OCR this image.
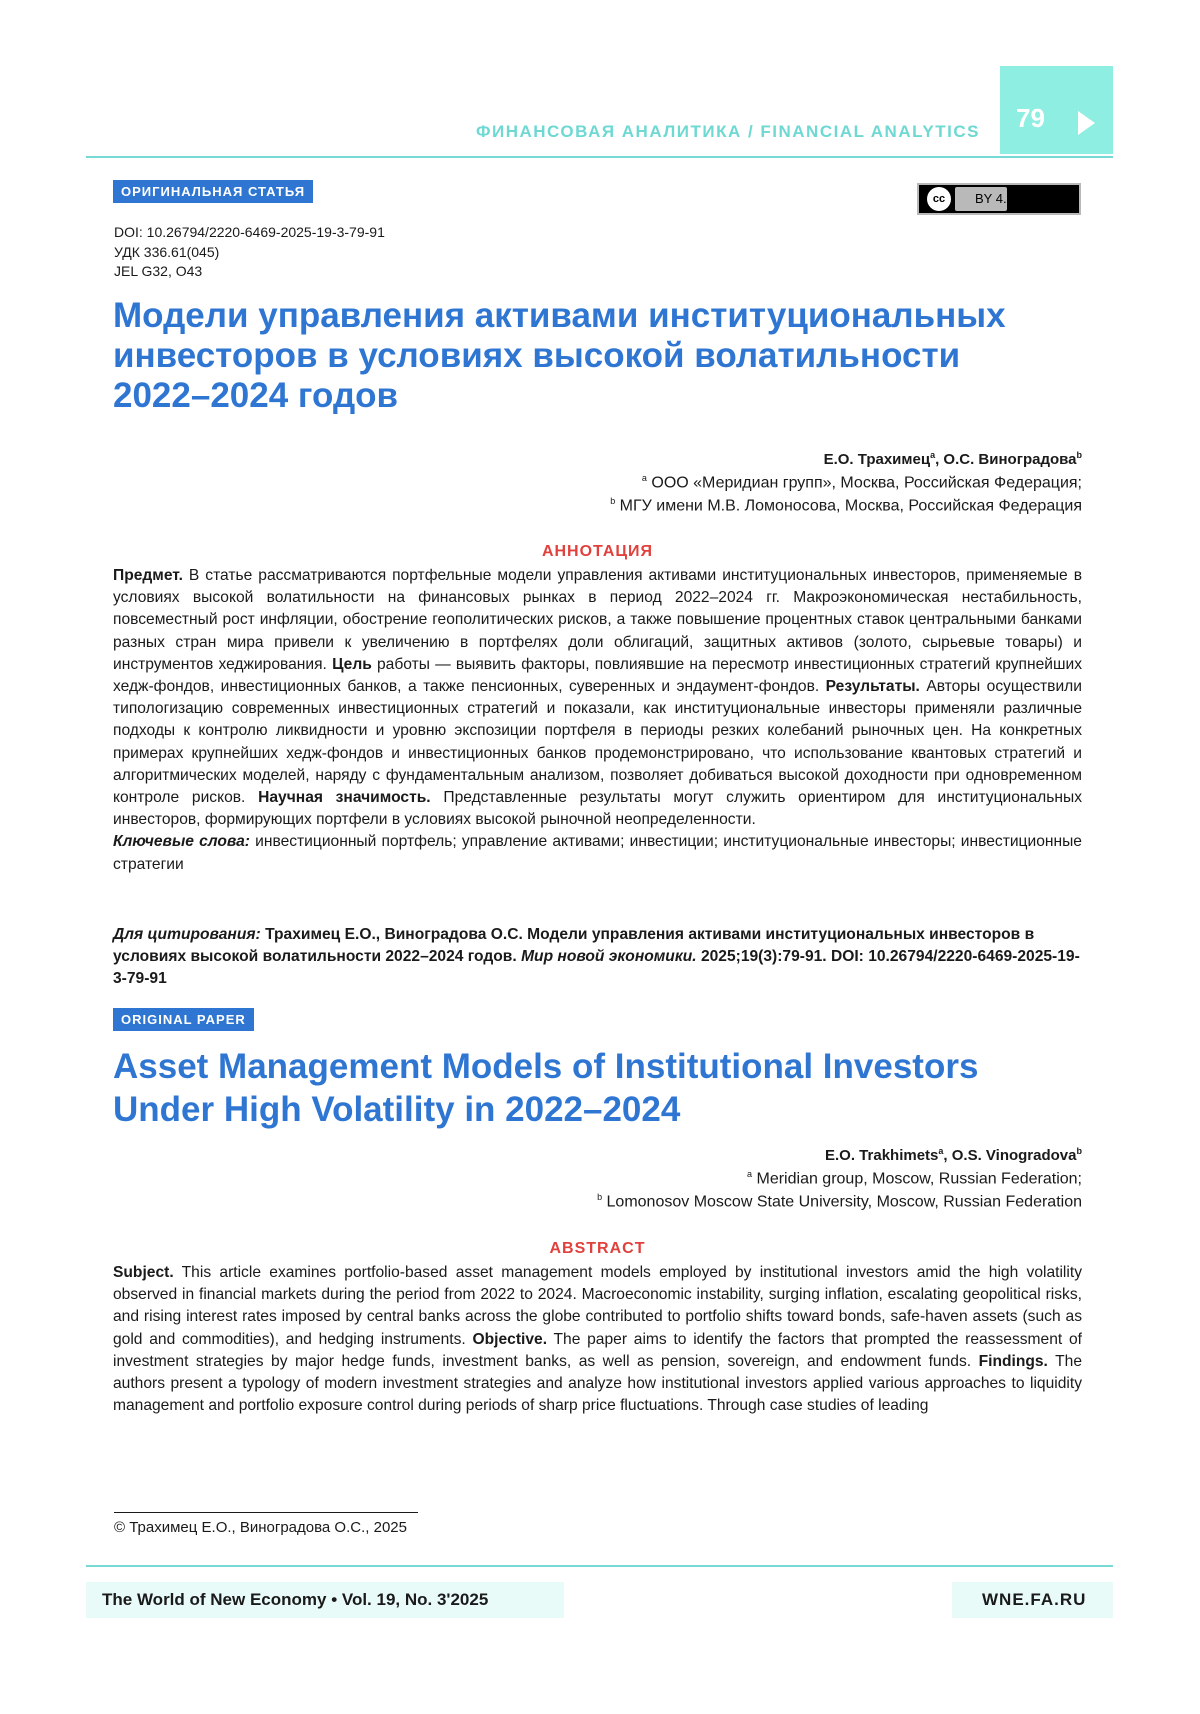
79
ФИНАНСОВАЯ АНАЛИТИКА / FINANCIAL ANALYTICS
ОРИГИНАЛЬНАЯ СТАТЬЯ	cc	BY 4.0
DOI: 10.26794/2220-6469-2025-19-3-79-91
УДК 336.61(045)
JEL G32, O43
Модели управления активами институциональных инвесторов в условиях высокой волатильности 2022–2024 годов
Е.О. Трахимецa, О.С. Виноградоваb
a ООО «Меридиан групп», Москва, Российская Федерация;
b МГУ имени М.В. Ломоносова, Москва, Российская Федерация
АННОТАЦИЯ
Предмет. В статье рассматриваются портфельные модели управления активами институциональных инвесторов, применяемые в условиях высокой волатильности на финансовых рынках в период 2022–2024 гг. Макроэкономическая нестабильность, повсеместный рост инфляции, обострение геополитических рисков, а также повышение процентных ставок центральными банками разных стран мира привели к увеличению в портфелях доли облигаций, защитных активов (золото, сырьевые товары) и инструментов хеджирования. Цель работы — выявить факторы, повлиявшие на пересмотр инвестиционных стратегий крупнейших хедж-фондов, инвестиционных банков, а также пенсионных, суверенных и эндаумент-фондов. Результаты. Авторы осуществили типологизацию современных инвестиционных стратегий и показали, как институциональные инвесторы применяли различные подходы к контролю ликвидности и уровню экспозиции портфеля в периоды резких колебаний рыночных цен. На конкретных примерах крупнейших хедж-фондов и инвестиционных банков продемонстрировано, что использование квантовых стратегий и алгоритмических моделей, наряду с фундаментальным анализом, позволяет добиваться высокой доходности при одновременном контроле рисков. Научная значимость. Представленные результаты могут служить ориентиром для институциональных инвесторов, формирующих портфели в условиях высокой рыночной неопределенности.
Ключевые слова: инвестиционный портфель; управление активами; инвестиции; институциональные инвесторы; инвестиционные стратегии
Для цитирования: Трахимец Е.О., Виноградова О.С. Модели управления активами институциональных инвесторов в условиях высокой волатильности 2022–2024 годов. Мир новой экономики. 2025;19(3):79-91. DOI: 10.26794/2220-6469-2025-19-3-79-91
ORIGINAL PAPER
Asset Management Models of Institutional Investors Under High Volatility in 2022–2024
E.O. Trakhimetsa, O.S. Vinogradovab
a Meridian group, Moscow, Russian Federation;
b Lomonosov Moscow State University, Moscow, Russian Federation
ABSTRACT
Subject. This article examines portfolio-based asset management models employed by institutional investors amid the high volatility observed in financial markets during the period from 2022 to 2024. Macroeconomic instability, surging inflation, escalating geopolitical risks, and rising interest rates imposed by central banks across the globe contributed to portfolio shifts toward bonds, safe-haven assets (such as gold and commodities), and hedging instruments. Objective. The paper aims to identify the factors that prompted the reassessment of investment strategies by major hedge funds, investment banks, as well as pension, sovereign, and endowment funds. Findings. The authors present a typology of modern investment strategies and analyze how institutional investors applied various approaches to liquidity management and portfolio exposure control during periods of sharp price fluctuations. Through case studies of leading
© Трахимец Е.О., Виноградова О.С., 2025
The World of New Economy • Vol. 19, No. 3'2025	WNE.FA.RU
